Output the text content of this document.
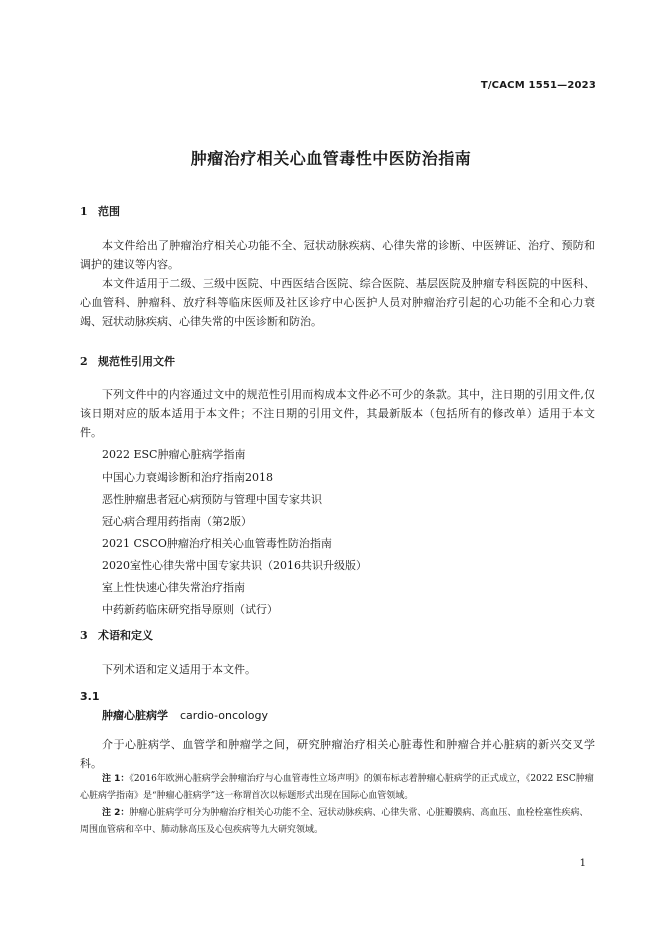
T/CACM 1551—2023
肿瘤治疗相关心血管毒性中医防治指南
1 范围
本文件给出了肿瘤治疗相关心功能不全、冠状动脉疾病、心律失常的诊断、中医辨证、治疗、预防和调护的建议等内容。
本文件适用于二级、三级中医院、中西医结合医院、综合医院、基层医院及肿瘤专科医院的中医科、心血管科、肿瘤科、放疗科等临床医师及社区诊疗中心医护人员对肿瘤治疗引起的心功能不全和心力衰竭、冠状动脉疾病、心律失常的中医诊断和防治。
2 规范性引用文件
下列文件中的内容通过文中的规范性引用而构成本文件必不可少的条款。其中，注日期的引用文件,仅该日期对应的版本适用于本文件；不注日期的引用文件，其最新版本（包括所有的修改单）适用于本文件。
2022 ESC肿瘤心脏病学指南
中国心力衰竭诊断和治疗指南2018
恶性肿瘤患者冠心病预防与管理中国专家共识
冠心病合理用药指南（第2版）
2021 CSCO肿瘤治疗相关心血管毒性防治指南
2020室性心律失常中国专家共识（2016共识升级版）
室上性快速心律失常治疗指南
中药新药临床研究指导原则（试行）
3 术语和定义
下列术语和定义适用于本文件。
3.1
肿瘤心脏病学 cardio-oncology
介于心脏病学、血管学和肿瘤学之间，研究肿瘤治疗相关心脏毒性和肿瘤合并心脏病的新兴交叉学科。
注 1：《2016年欧洲心脏病学会肿瘤治疗与心血管毒性立场声明》的颁布标志着肿瘤心脏病学的正式成立，《2022 ESC肿瘤心脏病学指南》是“肿瘤心脏病学”这一称谓首次以标题形式出现在国际心血管领域。
注 2：肿瘤心脏病学可分为肿瘤治疗相关心功能不全、冠状动脉疾病、心律失常、心脏瓣膜病、高血压、血栓栓塞性疾病、周围血管病和卒中、肺动脉高压及心包疾病等九大研究领域。
1
